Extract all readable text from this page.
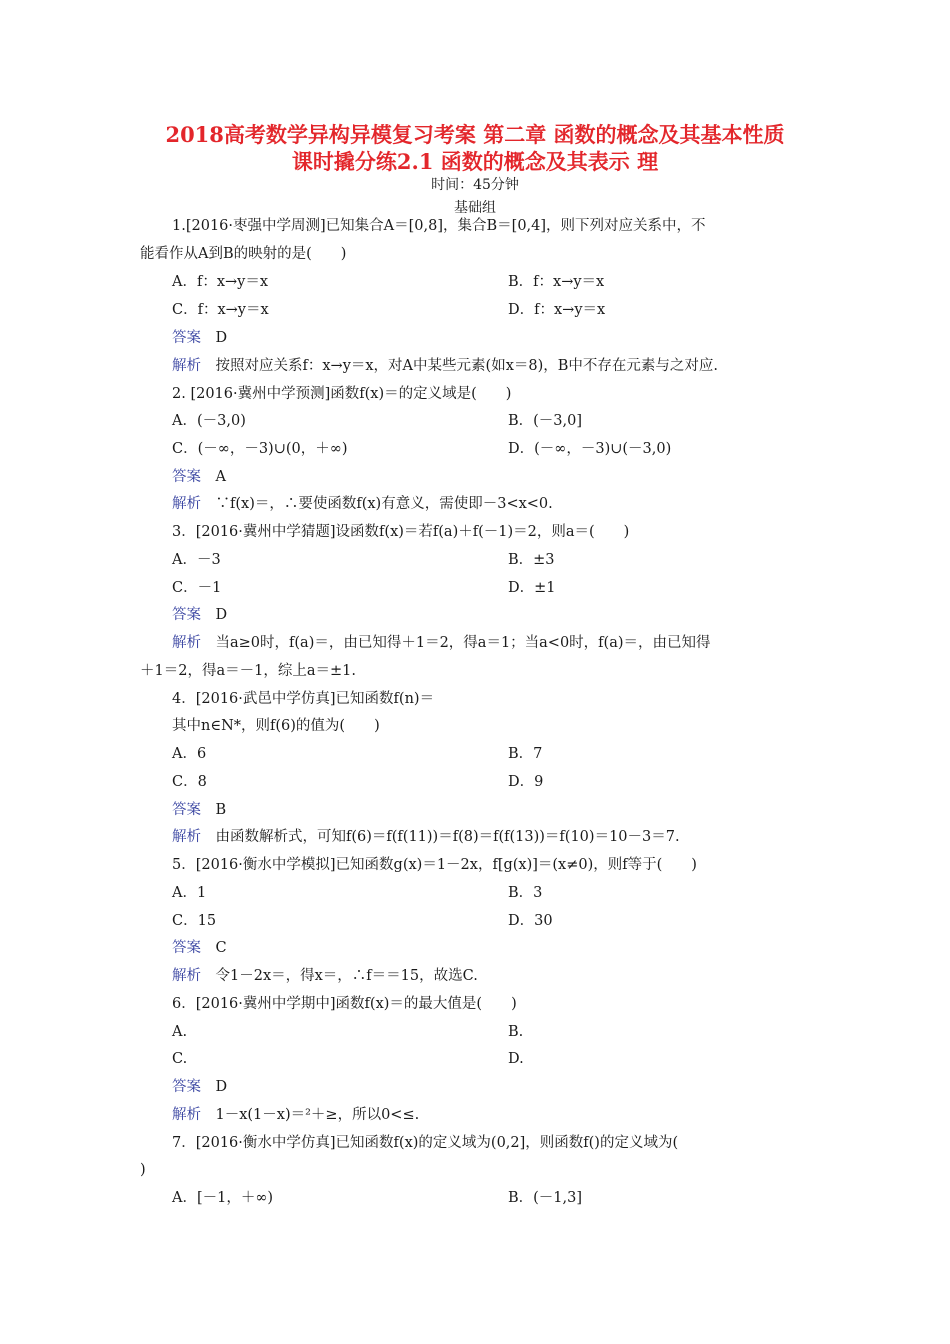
2018高考数学异构异模复习考案 第二章 函数的概念及其基本性质
课时撬分练2.1 函数的概念及其表示 理
时间：45分钟
基础组
1.[2016·枣强中学周测]已知集合A＝[0,8]，集合B＝[0,4]，则下列对应关系中，不
能看作从A到B的映射的是(　　)
A．f：x→y＝x	B．f：x→y＝x
C．f：x→y＝x	D．f：x→y＝x
答案　 D
解析　 按照对应关系f：x→y＝x，对A中某些元素(如x＝8)，B中不存在元素与之对应.
2. [2016·冀州中学预测]函数f(x)＝的定义域是(　　)
A．(－3,0)	B．(－3,0]
C．(－∞，－3)∪(0，＋∞)	D．(－∞，－3)∪(－3,0)
答案　 A
解析　 ∵f(x)＝，∴要使函数f(x)有意义，需使即－3<x<0.
3．[2016·冀州中学猜题]设函数f(x)＝若f(a)＋f(－1)＝2，则a＝(　　)
A．－3	B．±3
C．－1	D．±1
答案　 D
解析　 当a≥0时，f(a)＝，由已知得＋1＝2，得a＝1；当a<0时，f(a)＝，由已知得
＋1＝2，得a＝－1，综上a＝±1.
4．[2016·武邑中学仿真]已知函数f(n)＝
其中n∈N*，则f(6)的值为(　　)
A．6	B．7
C．8	D．9
答案　 B
解析　 由函数解析式，可知f(6)＝f(f(11))＝f(8)＝f(f(13))＝f(10)＝10－3＝7.
5．[2016·衡水中学模拟]已知函数g(x)＝1－2x，f[g(x)]＝(x≠0)，则f等于(　　)
A．1	B．3
C．15	D．30
答案　 C
解析　 令1－2x＝，得x＝，∴f＝＝15，故选C.
6．[2016·冀州中学期中]函数f(x)＝的最大值是(　　)
A.	B.
C.	D.
答案　 D
解析　 1－x(1－x)＝²＋≥，所以0<≤.
7．[2016·衡水中学仿真]已知函数f(x)的定义域为(0,2]，则函数f()的定义域为(
)
A．[－1，＋∞)	B．(－1,3]
